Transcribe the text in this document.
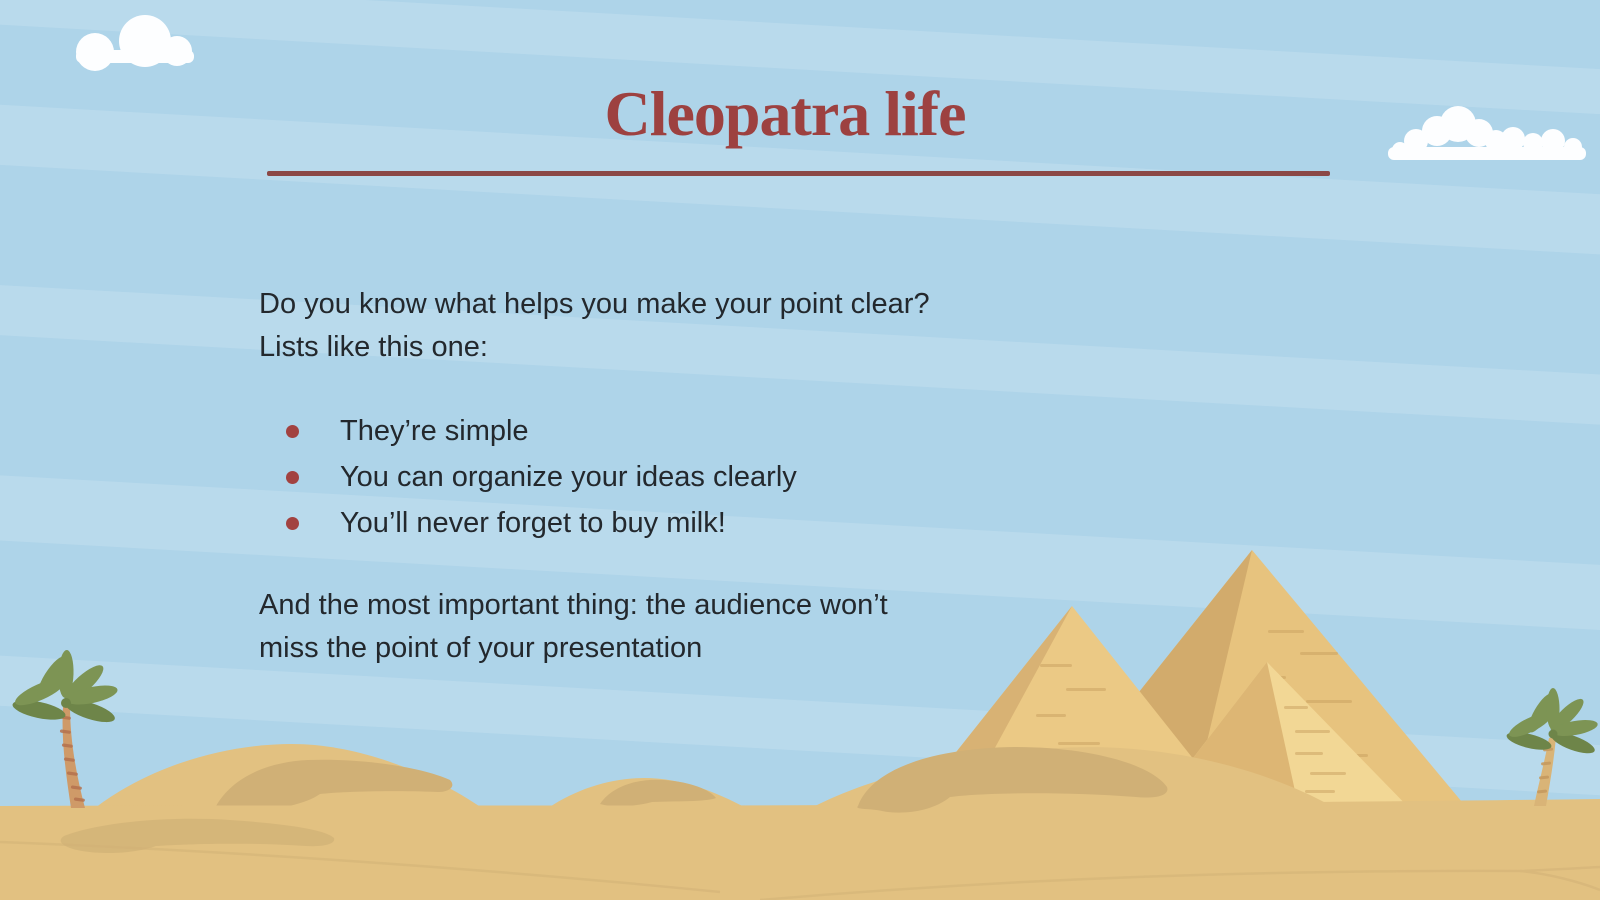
Cleopatra life

Do you know what helps you make your point clear?

Lists like this one:

They’re simple
You can organize your ideas clearly
You’ll never forget to buy milk!

And the most important thing: the audience won’t

miss the point of your presentation
